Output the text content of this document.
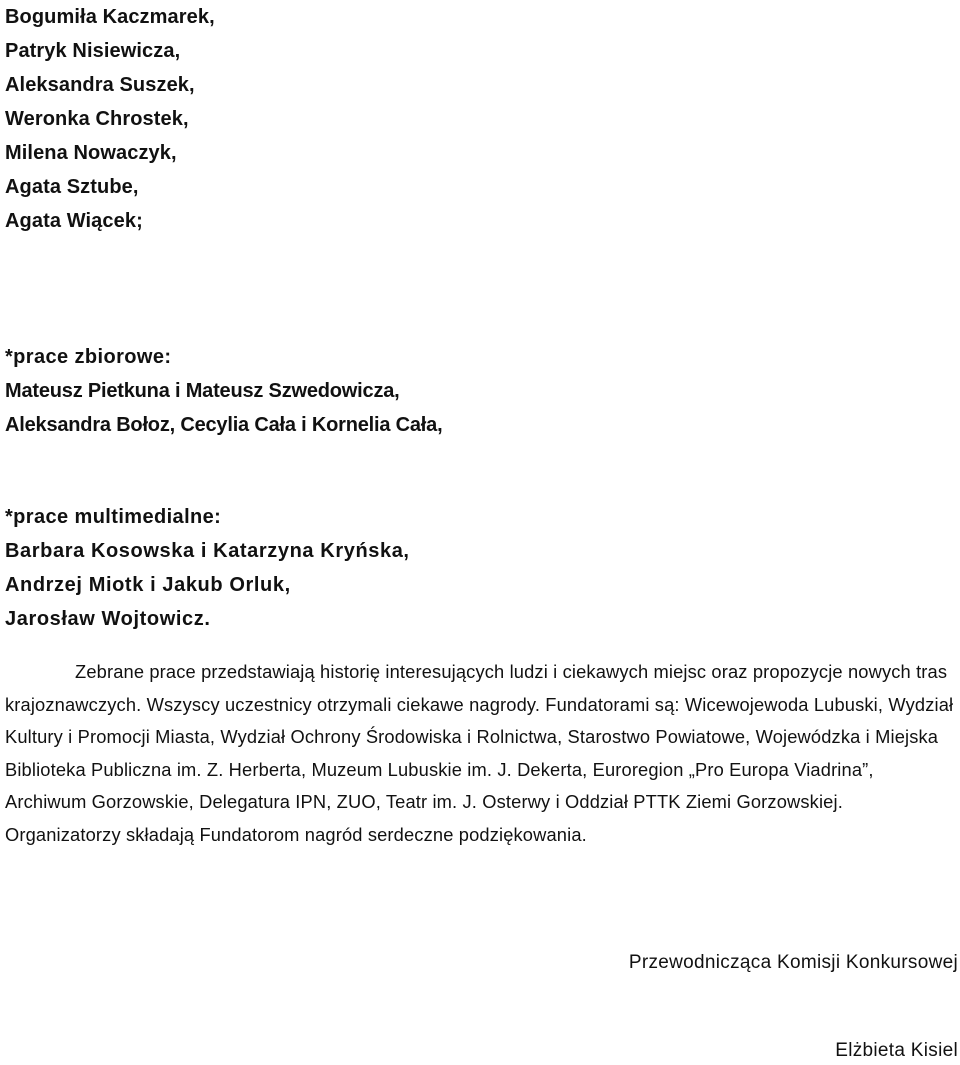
Bogumiła Kaczmarek,
Patryk Nisiewicza,
Aleksandra Suszek,
Weronka Chrostek,
Milena Nowaczyk,
Agata Sztube,
Agata Wiącek;
*prace zbiorowe:
Mateusz Pietkuna i Mateusz Szwedowicza,
Aleksandra Bołoz, Cecylia Cała i Kornelia Cała,
*prace multimedialne:
Barbara Kosowska i Katarzyna Kryńska,
Andrzej Miotk i Jakub Orluk,
Jarosław Wojtowicz.

Zebrane prace przedstawiają historię interesujących ludzi i ciekawych miejsc oraz propozycje nowych tras krajoznawczych. Wszyscy uczestnicy otrzymali ciekawe nagrody. Fundatorami są: Wicewojewoda Lubuski, Wydział Kultury i Promocji Miasta, Wydział Ochrony Środowiska i Rolnictwa, Starostwo Powiatowe, Wojewódzka i Miejska Biblioteka Publiczna im. Z. Herberta, Muzeum Lubuskie im. J. Dekerta, Euroregion „Pro Europa Viadrina”, Archiwum Gorzowskie, Delegatura IPN, ZUO, Teatr im. J. Osterwy i Oddział PTTK Ziemi Gorzowskiej. Organizatorzy składają Fundatorom nagród serdeczne podziękowania.

Przewodnicząca Komisji Konkursowej
Elżbieta Kisiel
